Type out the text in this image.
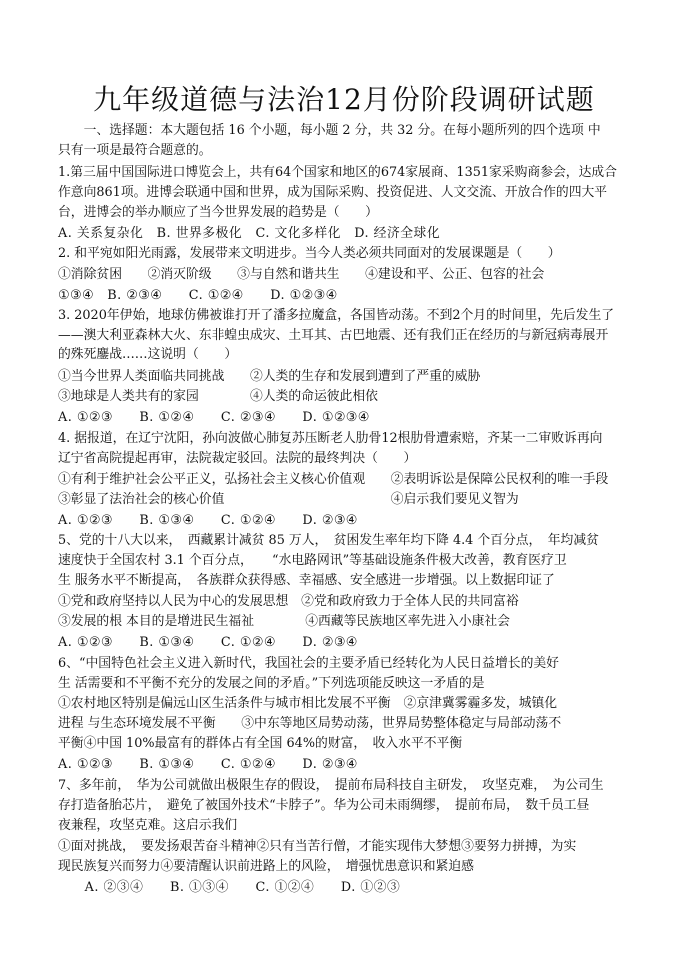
九年级道德与法治12月份阶段调研试题
　　一、选择题：本大题包括 16 个小题，每小题 2 分，共 32 分。在每小题所列的四个选项 中
只有一项是最符合题意的。
1.第三届中国国际进口博览会上，共有64个国家和地区的674家展商、1351家采购商参会，达成合
作意向861项。进博会联通中国和世界，成为国际采购、投资促进、人文交流、开放合作的四大平
台，进博会的举办顺应了当今世界发展的趋势是（　　）
A. 关系复杂化　B. 世界多极化　C. 文化多样化　D. 经济全球化
2. 和平宛如阳光雨露，发展带来文明进步。当今人类必须共同面对的发展课题是（　　）
①消除贫困　　②消灭阶级　　③与自然和谐共生　　④建设和平、公正、包容的社会
①③④　B. ②③④　　C. ①②④　　D. ①②③④
3. 2020年伊始，地球仿佛被谁打开了潘多拉魔盒，各国皆动荡。不到2个月的时间里，先后发生了
——澳大利亚森林大火、东非蝗虫成灾、土耳其、古巴地震、还有我们正在经历的与新冠病毒展开
的殊死鏖战……这说明（　　）
①当今世界人类面临共同挑战　　②人类的生存和发展到遭到了严重的威胁
③地球是人类共有的家园　　　　④人类的命运彼此相依
A. ①②③　　B. ①②④　　C. ②③④　　D. ①②③④
4. 据报道，在辽宁沈阳，孙向波做心肺复苏压断老人肋骨12根肋骨遭索赔，齐某一二审败诉再向
辽宁省高院提起再审，法院裁定驳回。法院的最终判决（　　）
①有利于维护社会公平正义，弘扬社会主义核心价值观　　②表明诉讼是保障公民权利的唯一手段
③彰显了法治社会的核心价值　　　　　　　　　　　　　④启示我们要见义智为
A. ①②③　　B. ①③④　　C. ①②④　　D. ②③④
5、党的十八大以来，　西藏累计减贫 85 万人，　贫困发生率年均下降 4.4 个百分点，　年均减贫
速度快于全国农村 3.1 个百分点，　　“水电路网讯”等基础设施条件极大改善，教育医疗卫
生 服务水平不断提高，　各族群众获得感、幸福感、安全感进一步增强。以上数据印证了
①党和政府坚持以人民为中心的发展思想　②党和政府致力于全体人民的共同富裕
③发展的根 本目的是增进民生福祉　　　　④西藏等民族地区率先进入小康社会
A. ①②③　　B. ①③④　　C. ①②④　　D. ②③④
6、“中国特色社会主义进入新时代，我国社会的主要矛盾已经转化为人民日益增长的美好
生 活需要和不平衡不充分的发展之间的矛盾。”下列选项能反映这一矛盾的是
①农村地区特别是偏远山区生活条件与城市相比发展不平衡　②京津冀雾霾多发，城镇化
进程 与生态环境发展不平衡　　③中东等地区局势动荡，世界局势整体稳定与局部动荡不
平衡④中国 10%最富有的群体占有全国 64%的财富，　收入水平不平衡
A. ①②③　　B. ①③④　　C. ①②④　　D. ②③④
7、多年前，　华为公司就做出极限生存的假设，　提前布局科技自主研发，　攻坚克难，　为公司生
存打造备胎芯片，　避免了被国外技术“卡脖子”。华为公司未雨绸缪，　提前布局，　数千员工昼
夜兼程，攻坚克难。这启示我们
①面对挑战，　要发扬艰苦奋斗精神②只有当苦行僧，才能实现伟大梦想③要努力拼搏，为实
现民族复兴而努力④要清醒认识前进路上的风险，　增强忧患意识和紧迫感
　　A. ②③④　　B. ①③④　　C. ①②④　　D. ①②③
